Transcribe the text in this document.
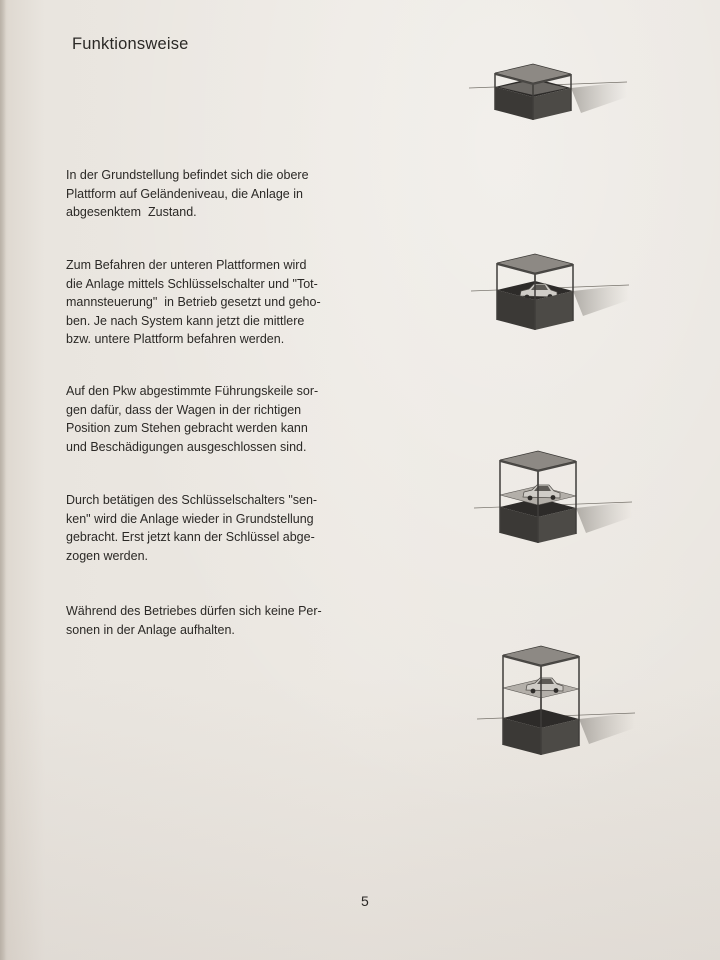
Funktionsweise
In der Grundstellung befindet sich die obere
Plattform auf Geländeniveau, die Anlage in
abgesenktem  Zustand.
Zum Befahren der unteren Plattformen wird
die Anlage mittels Schlüsselschalter und "Tot-
mannsteuerung"  in Betrieb gesetzt und geho-
ben. Je nach System kann jetzt die mittlere
bzw. untere Plattform befahren werden.
Auf den Pkw abgestimmte Führungskeile sor-
gen dafür, dass der Wagen in der richtigen
Position zum Stehen gebracht werden kann
und Beschädigungen ausgeschlossen sind.
Durch betätigen des Schlüsselschalters "sen-
ken" wird die Anlage wieder in Grundstellung
gebracht. Erst jetzt kann der Schlüssel abge-
zogen werden.
Während des Betriebes dürfen sich keine Per-
sonen in der Anlage aufhalten.
5
